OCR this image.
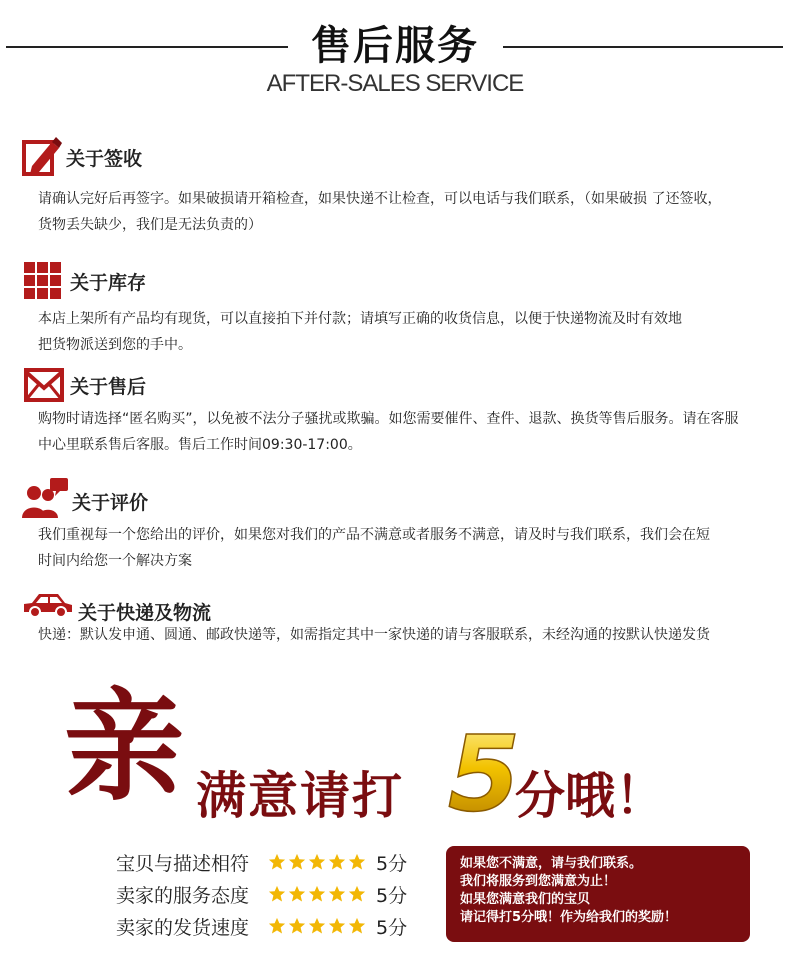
售后服务
AFTER-SALES SERVICE
关于签收
请确认完好后再签字。如果破损请开箱检查，如果快递不让检查，可以电话与我们联系，（如果破损 了还签收，
货物丢失缺少，我们是无法负责的）
关于库存
本店上架所有产品均有现货，可以直接拍下并付款；请填写正确的收货信息，以便于快递物流及时有效地
把货物派送到您的手中。
关于售后
购物时请选择“匿名购买”，以免被不法分子骚扰或欺骗。如您需要催件、查件、退款、换货等售后服务。请在客服
中心里联系售后客服。售后工作时间09:30-17:00。
关于评价
我们重视每一个您给出的评价，如果您对我们的产品不满意或者服务不满意，请及时与我们联系，我们会在短
时间内给您一个解决方案
关于快递及物流
快递：默认发申通、圆通、邮政快递等，如需指定其中一家快递的请与客服联系，未经沟通的按默认快递发货
亲 满意请打 5
分哦！
宝贝与描述相符	5分
卖家的服务态度	5分
卖家的发货速度	5分
如果您不满意，请与我们联系。
我们将服务到您满意为止！
如果您满意我们的宝贝
请记得打5分哦！作为给我们的奖励！
